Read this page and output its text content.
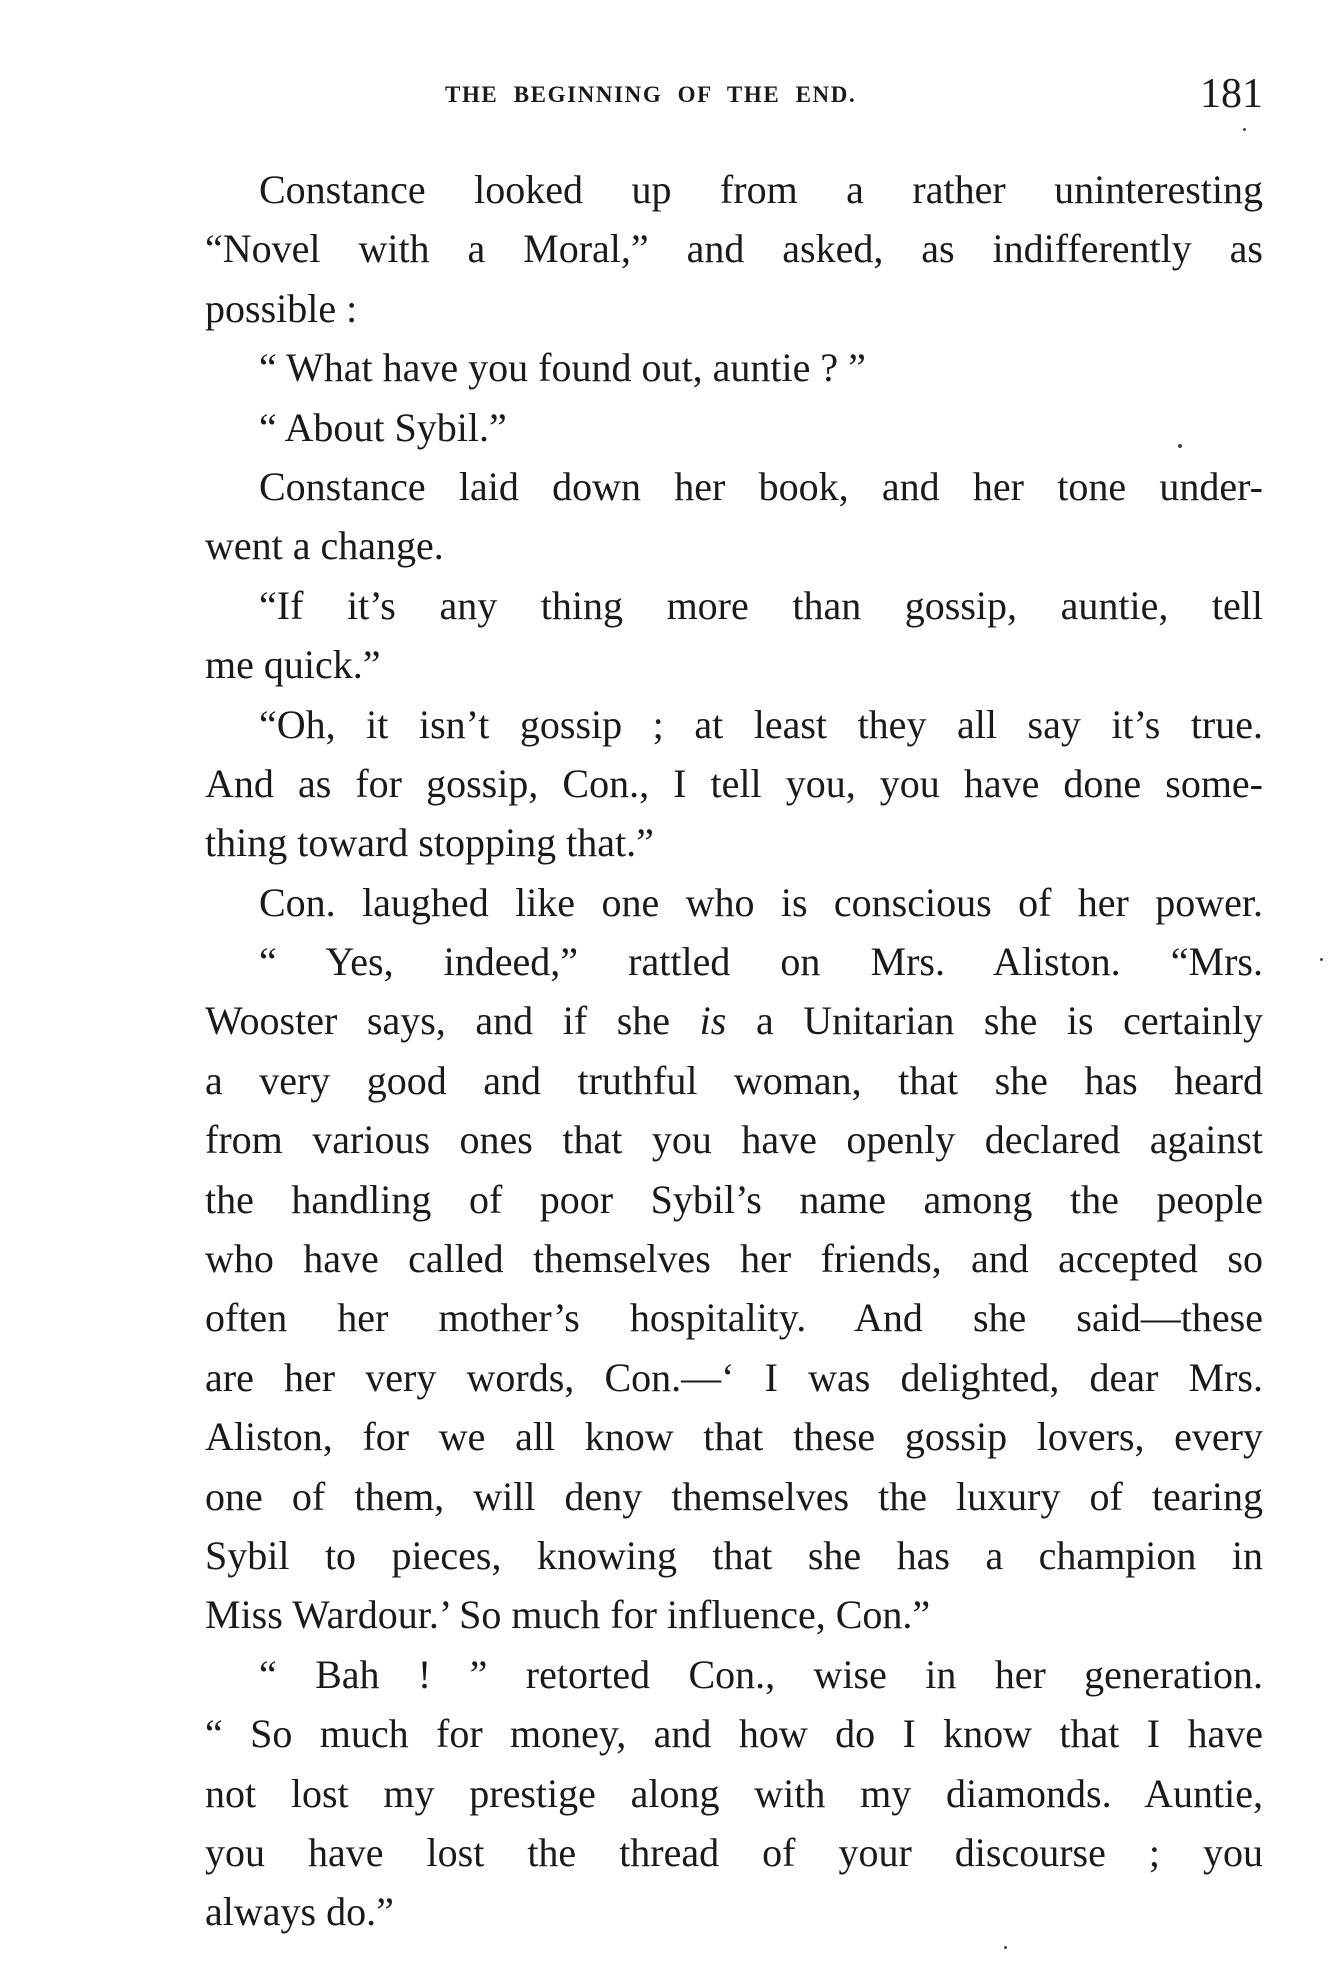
THE BEGINNING OF THE END.	181
Constance looked up from a rather uninteresting
“Novel with a Moral,” and asked, as indifferently as
possible :
“ What have you found out, auntie ? ”
“ About Sybil.”
Constance laid down her book, and her tone under-
went a change.
“If it’s any thing more than gossip, auntie, tell
me quick.”
“Oh, it isn’t gossip ; at least they all say it’s true.
And as for gossip, Con., I tell you, you have done some-
thing toward stopping that.”
Con. laughed like one who is conscious of her power.
“ Yes, indeed,” rattled on Mrs. Aliston. “Mrs.
Wooster says, and if she is a Unitarian she is certainly
a very good and truthful woman, that she has heard
from various ones that you have openly declared against
the handling of poor Sybil’s name among the people
who have called themselves her friends, and accepted so
often her mother’s hospitality. And she said—these
are her very words, Con.—‘ I was delighted, dear Mrs.
Aliston, for we all know that these gossip lovers, every
one of them, will deny themselves the luxury of tearing
Sybil to pieces, knowing that she has a champion in
Miss Wardour.’ So much for influence, Con.”
“ Bah ! ” retorted Con., wise in her generation.
“ So much for money, and how do I know that I have
not lost my prestige along with my diamonds. Auntie,
you have lost the thread of your discourse ; you
always do.”
